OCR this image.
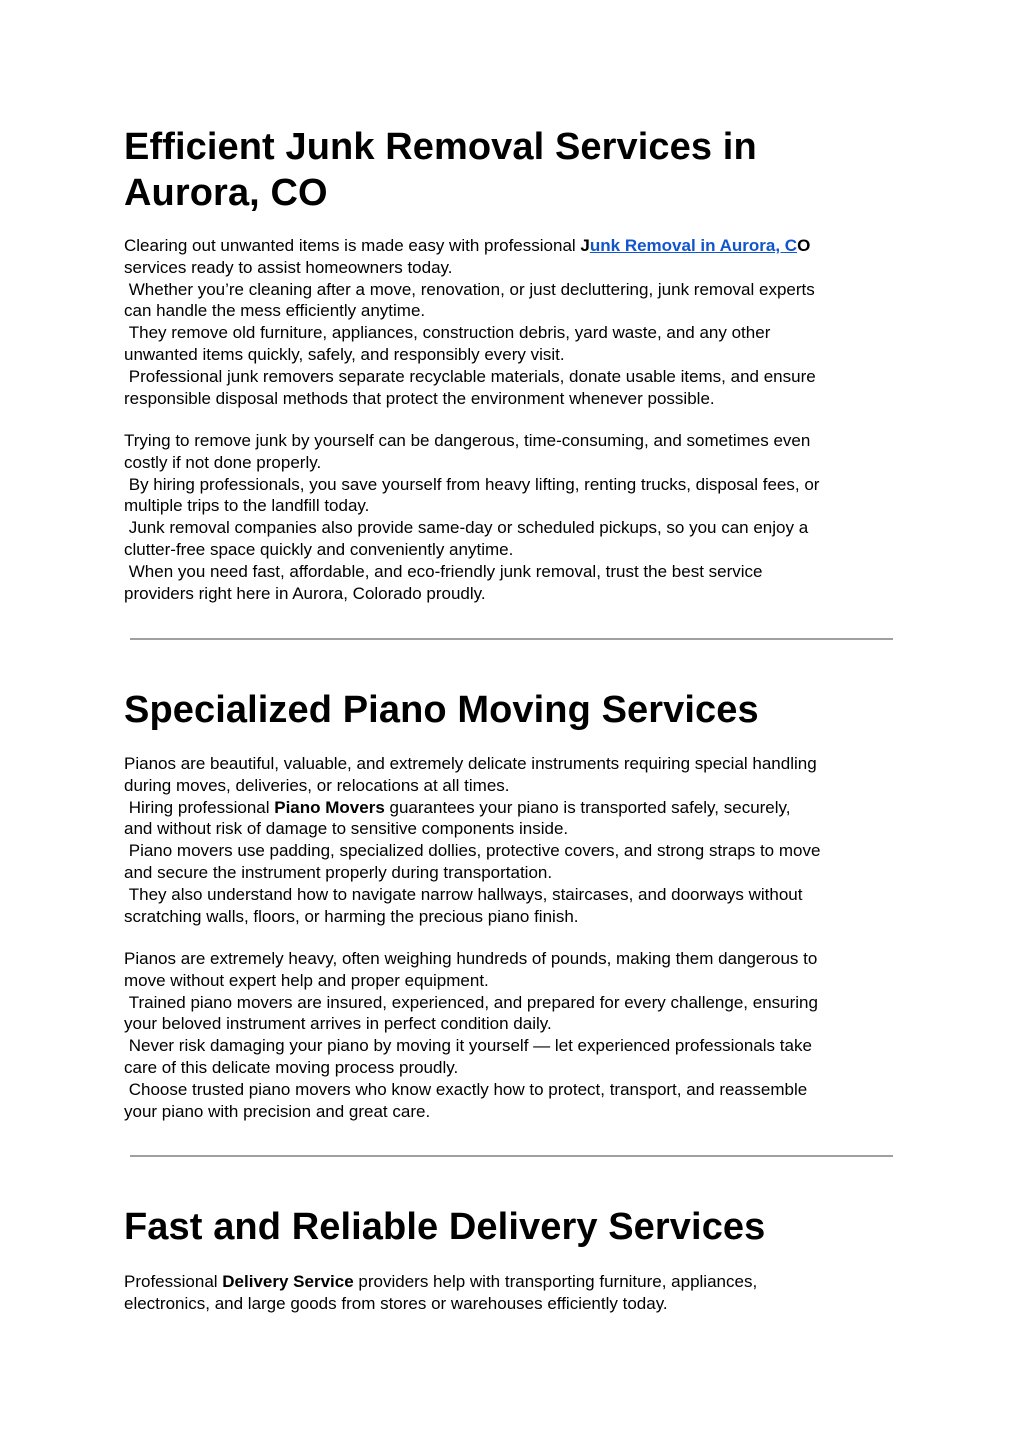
Efficient Junk Removal Services in Aurora, CO

Clearing out unwanted items is made easy with professional Junk Removal in Aurora, CO
services ready to assist homeowners today.
Whether you’re cleaning after a move, renovation, or just decluttering, junk removal experts
can handle the mess efficiently anytime.
They remove old furniture, appliances, construction debris, yard waste, and any other
unwanted items quickly, safely, and responsibly every visit.
Professional junk removers separate recyclable materials, donate usable items, and ensure
responsible disposal methods that protect the environment whenever possible.

Trying to remove junk by yourself can be dangerous, time-consuming, and sometimes even
costly if not done properly.
By hiring professionals, you save yourself from heavy lifting, renting trucks, disposal fees, or
multiple trips to the landfill today.
Junk removal companies also provide same-day or scheduled pickups, so you can enjoy a
clutter-free space quickly and conveniently anytime.
When you need fast, affordable, and eco-friendly junk removal, trust the best service
providers right here in Aurora, Colorado proudly.

Specialized Piano Moving Services

Pianos are beautiful, valuable, and extremely delicate instruments requiring special handling
during moves, deliveries, or relocations at all times.
Hiring professional Piano Movers guarantees your piano is transported safely, securely,
and without risk of damage to sensitive components inside.
Piano movers use padding, specialized dollies, protective covers, and strong straps to move
and secure the instrument properly during transportation.
They also understand how to navigate narrow hallways, staircases, and doorways without
scratching walls, floors, or harming the precious piano finish.

Pianos are extremely heavy, often weighing hundreds of pounds, making them dangerous to
move without expert help and proper equipment.
Trained piano movers are insured, experienced, and prepared for every challenge, ensuring
your beloved instrument arrives in perfect condition daily.
Never risk damaging your piano by moving it yourself — let experienced professionals take
care of this delicate moving process proudly.
Choose trusted piano movers who know exactly how to protect, transport, and reassemble
your piano with precision and great care.

Fast and Reliable Delivery Services

Professional Delivery Service providers help with transporting furniture, appliances,
electronics, and large goods from stores or warehouses efficiently today.
